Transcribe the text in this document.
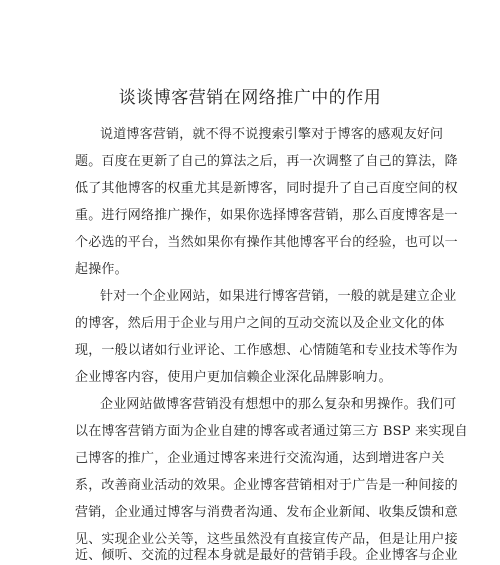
谈谈博客营销在网络推广中的作用
说道博客营销，就不得不说搜索引擎对于博客的感观友好问
题。百度在更新了自己的算法之后，再一次调整了自己的算法，降
低了其他博客的权重尤其是新博客，同时提升了自己百度空间的权
重。进行网络推广操作，如果你选择博客营销，那么百度博客是一
个必选的平台，当然如果你有操作其他博客平台的经验，也可以一
起操作。
针对一个企业网站，如果进行博客营销，一般的就是建立企业
的博客，然后用于企业与用户之间的互动交流以及企业文化的体
现，一般以诸如行业评论、工作感想、心情随笔和专业技术等作为
企业博客内容，使用户更加信赖企业深化品牌影响力。
企业网站做博客营销没有想想中的那么复杂和男操作。我们可
以在博客营销方面为企业自建的博客或者通过第三方 BSP 来实现自
己博客的推广，企业通过博客来进行交流沟通，达到增进客户关
系，改善商业活动的效果。企业博客营销相对于广告是一种间接的
营销，企业通过博客与消费者沟通、发布企业新闻、收集反馈和意
见、实现企业公关等，这些虽然没有直接宣传产品，但是让用户接
近、倾听、交流的过程本身就是最好的营销手段。企业博客与企业
